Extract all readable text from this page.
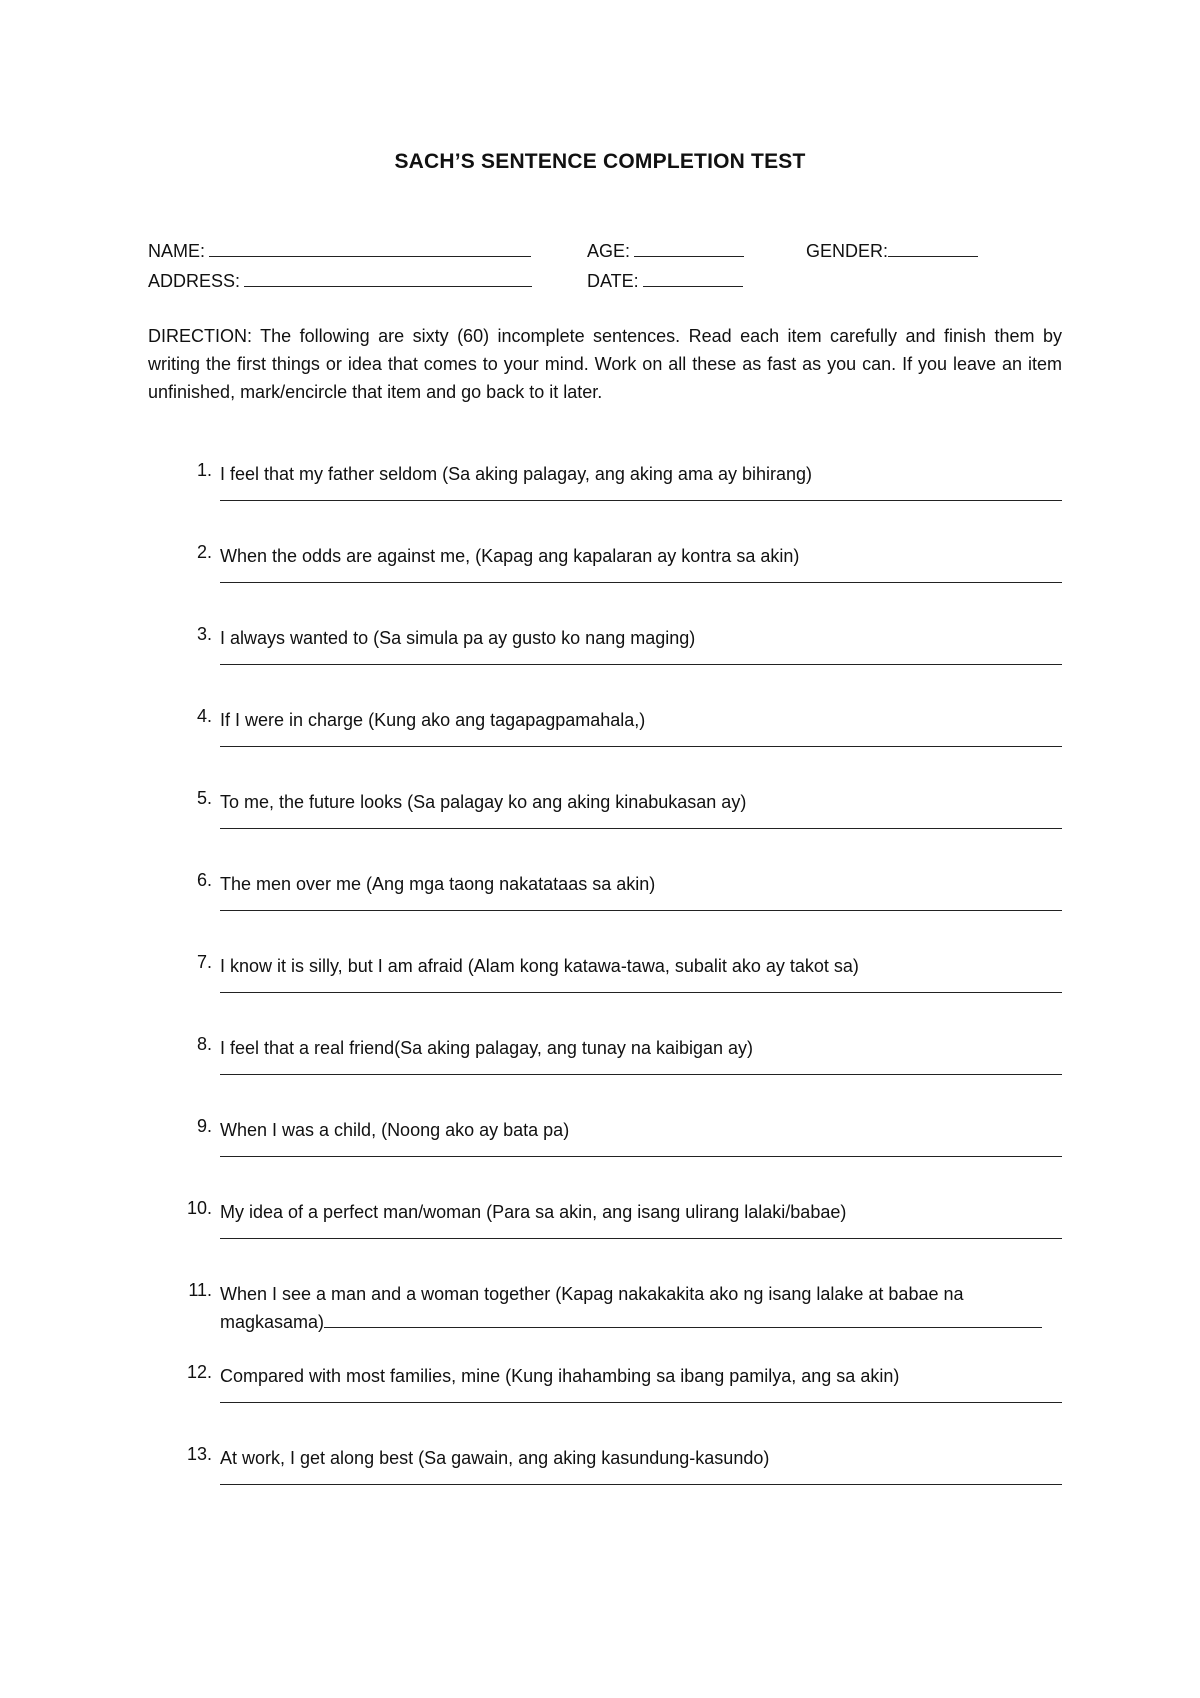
SACH’S SENTENCE COMPLETION TEST
NAME:	AGE:	GENDER:
ADDRESS:	DATE:
DIRECTION: The following are sixty (60) incomplete sentences. Read each item carefully and finish them by writing the first things or idea that comes to your mind. Work on all these as fast as you can. If you leave an item unfinished, mark/encircle that item and go back to it later.
1. I feel that my father seldom (Sa aking palagay, ang aking ama ay bihirang)
2. When the odds are against me, (Kapag ang kapalaran ay kontra sa akin)
3. I always wanted to (Sa simula pa ay gusto ko nang maging)
4. If I were in charge (Kung ako ang tagapagpamahala,)
5. To me, the future looks (Sa palagay ko ang aking kinabukasan ay)
6. The men over me (Ang mga taong nakatataas sa akin)
7. I know it is silly, but I am afraid (Alam kong katawa-tawa, subalit ako ay takot sa)
8. I feel that a real friend(Sa aking palagay, ang tunay na kaibigan ay)
9. When I was a child, (Noong ako ay bata pa)
10. My idea of a perfect man/woman (Para sa akin, ang isang ulirang lalaki/babae)
11. When I see a man and a woman together (Kapag nakakakita ako ng isang lalake at babae na
magkasama)
12. Compared with most families, mine (Kung ihahambing sa ibang pamilya, ang sa akin)
13. At work, I get along best (Sa gawain, ang aking kasundung-kasundo)
